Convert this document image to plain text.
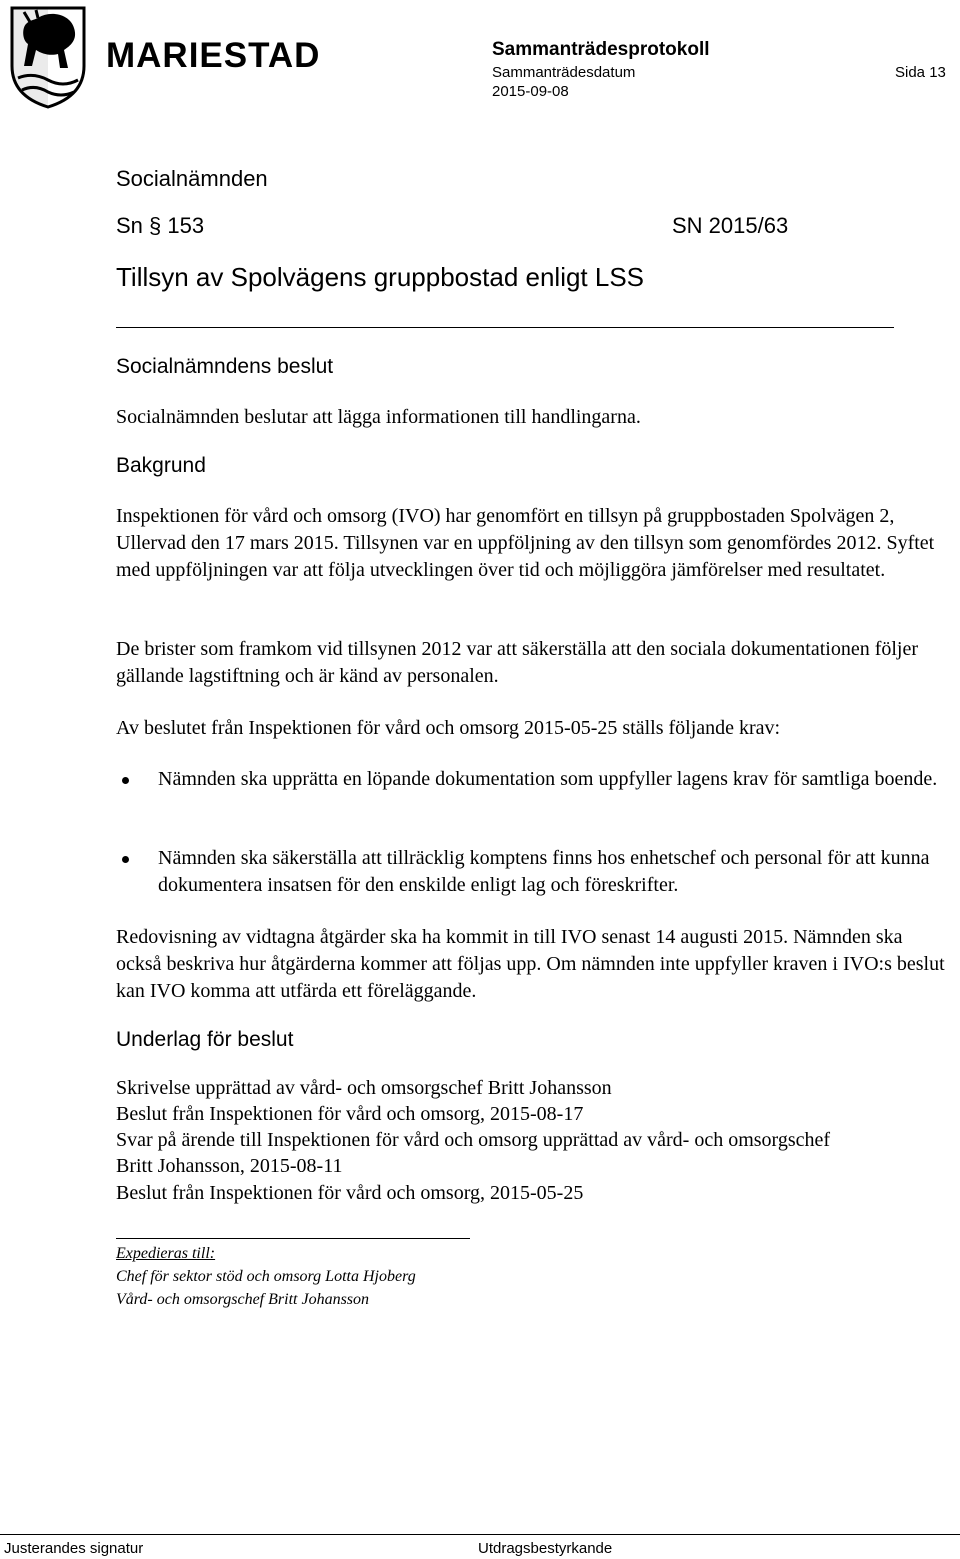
MARIESTAD	Sammanträdesprotokoll
Sammanträdesdatum
2015-09-08
Sida 13
Socialnämnden
Sn § 153	SN 2015/63
Tillsyn av Spolvägens gruppbostad enligt LSS
Socialnämndens beslut
Socialnämnden beslutar att lägga informationen till handlingarna.
Bakgrund
Inspektionen för vård och omsorg (IVO) har genomfört en tillsyn på gruppbostaden Spolvägen 2, Ullervad den 17 mars 2015. Tillsynen var en uppföljning av den tillsyn som genomfördes 2012. Syftet med uppföljningen var att följa utvecklingen över tid och möjliggöra jämförelser med resultatet.
De brister som framkom vid tillsynen 2012 var att säkerställa att den sociala dokumentationen följer gällande lagstiftning och är känd av personalen.
Av beslutet från Inspektionen för vård och omsorg 2015-05-25 ställs följande krav:
Nämnden ska upprätta en löpande dokumentation som uppfyller lagens krav för samtliga boende.
Nämnden ska säkerställa att tillräcklig komptens finns hos enhetschef och personal för att kunna dokumentera insatsen för den enskilde enligt lag och föreskrifter.
Redovisning av vidtagna åtgärder ska ha kommit in till IVO senast 14 augusti 2015. Nämnden ska också beskriva hur åtgärderna kommer att följas upp. Om nämnden inte uppfyller kraven i IVO:s beslut kan IVO komma att utfärda ett föreläggande.
Underlag för beslut
Skrivelse upprättad av vård- och omsorgschef Britt Johansson
Beslut från Inspektionen för vård och omsorg, 2015-08-17
Svar på ärende till Inspektionen för vård och omsorg upprättad av vård- och omsorgschef
Britt Johansson, 2015-08-11
Beslut från Inspektionen för vård och omsorg, 2015-05-25
Expedieras till:
Chef för sektor stöd och omsorg Lotta Hjoberg
Vård- och omsorgschef Britt Johansson
Justerandes signatur	Utdragsbestyrkande
